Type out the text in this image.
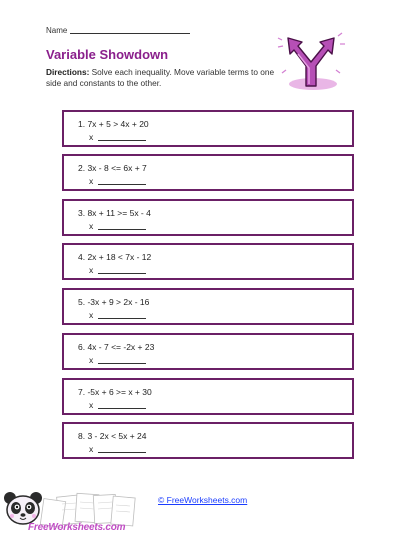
Name
Variable Showdown
Directions: Solve each inequality. Move variable terms to one side and constants to the other.
1. 7x + 5 > 4x + 20
x
2. 3x - 8 <= 6x + 7
x
3. 8x + 11 >= 5x - 4
x
4. 2x + 18 < 7x - 12
x
5. -3x + 9 > 2x - 16
x
6. 4x - 7 <= -2x + 23
x
7. -5x + 6 >= x + 30
x
8. 3 - 2x < 5x + 24
x
FreeWorksheets.com
© FreeWorksheets.com
